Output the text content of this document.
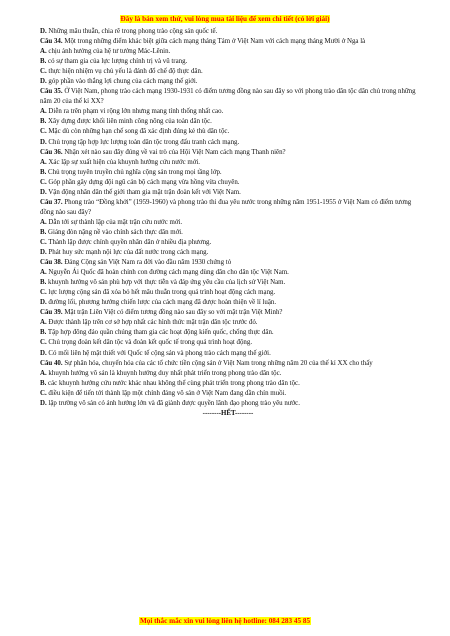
Đây là bản xem thử, vui lòng mua tài liệu để xem chi tiết (có lời giải)

D. Những mâu thuẫn, chia rẽ trong phong trào cộng sản quốc tế.

Câu 34. Một trong những điểm khác biệt giữa cách mạng tháng Tám ở Việt Nam với cách mạng tháng Mười ở Nga là

A. chịu ảnh hưởng của hệ tư tưởng Mác-Lênin.

B. có sự tham gia của lực lượng chính trị và vũ trang.

C. thực hiện nhiệm vụ chủ yếu là đánh đổ chế độ thực dân.

D. góp phần vào thắng lợi chung của cách mạng thế giới.

Câu 35. Ở Việt Nam, phong trào cách mạng 1930-1931 có điểm tương đồng nào sau đây so với phong trào dân tộc dân chủ trong những năm 20 của thế kỉ XX?

A. Diễn ra trên phạm vi rộng lớn nhưng mang tính thống nhất cao.

B. Xây dựng được khối liên minh công nông của toàn dân tộc.

C. Mặc dù còn những hạn chế song đã xác định đúng kẻ thù dân tộc.

D. Chủ trọng tập hợp lực lượng toàn dân tộc trong đấu tranh cách mạng.

Câu 36. Nhận xét nào sau đây đúng về vai trò của Hội Việt Nam cách mạng Thanh niên?

A. Xác lập sự xuất hiện của khuynh hướng cứu nước mới.

B. Chủ trọng tuyên truyền chủ nghĩa cộng sản trong mọi tầng lớp.

C. Góp phần gây dựng đội ngũ cán bộ cách mạng vừa hồng vừa chuyên.

D. Vận động nhân dân thế giới tham gia mặt trận đoàn kết với Việt Nam.

Câu 37. Phong trào “Đồng khởi” (1959-1960) và phong trào thi đua yêu nước trong những năm 1951-1955 ở Việt Nam có điểm tương đồng nào sau đây?

A. Dẫn tới sự thành lập của mặt trận cứu nước mới.

B. Giáng đòn nặng nề vào chính sách thực dân mới.

C. Thành lập được chính quyền nhân dân ở nhiều địa phương.

D. Phát huy sức mạnh nội lực của đất nước trong cách mạng.

Câu 38. Đảng Cộng sản Việt Nam ra đời vào đầu năm 1930 chứng tỏ

A. Nguyễn Ái Quốc đã hoàn chỉnh con đường cách mạng dùng dân cho dân tộc Việt Nam.

B. khuynh hướng vô sản phù hợp với thực tiễn và đáp ứng yêu cầu của lịch sử Việt Nam.

C. lực lượng cộng sản đã xóa bỏ hết mâu thuẫn trong quá trình hoạt động cách mạng.

D. đường lối, phương hướng chiến lược của cách mạng đã được hoàn thiện về lí luận.

Câu 39. Mặt trận Liên Việt có điểm tương đồng nào sau đây so với mặt trận Việt Minh?

A. Được thành lập trên cơ sở hợp nhất các hình thức mặt trận dân tộc trước đó.

B. Tập hợp đông đảo quần chúng tham gia các hoạt động kiến quốc, chống thực dân.

C. Chủ trọng đoàn kết dân tộc và đoàn kết quốc tế trong quá trình hoạt động.

D. Có mối liên hệ mật thiết với Quốc tế cộng sản và phong trào cách mạng thế giới.

Câu 40. Sự phân hóa, chuyển hóa của các tổ chức tiền cộng sản ở Việt Nam trong những năm 20 của thế kỉ XX cho thấy

A. khuynh hướng vô sản là khuynh hướng duy nhất phát triển trong phong trào dân tộc.

B. các khuynh hướng cứu nước khác nhau không thể cùng phát triển trong phong trào dân tộc.

C. điều kiện để tiến tới thành lập một chính đảng vô sản ở Việt Nam đang dần chín muồi.

D. lập trường vô sản có ảnh hưởng lớn và đã giành được quyền lãnh đạo phong trào yêu nước.

--------HẾT--------

Mọi thắc mắc xin vui lòng liên hệ hotline: 084 283 45 85
